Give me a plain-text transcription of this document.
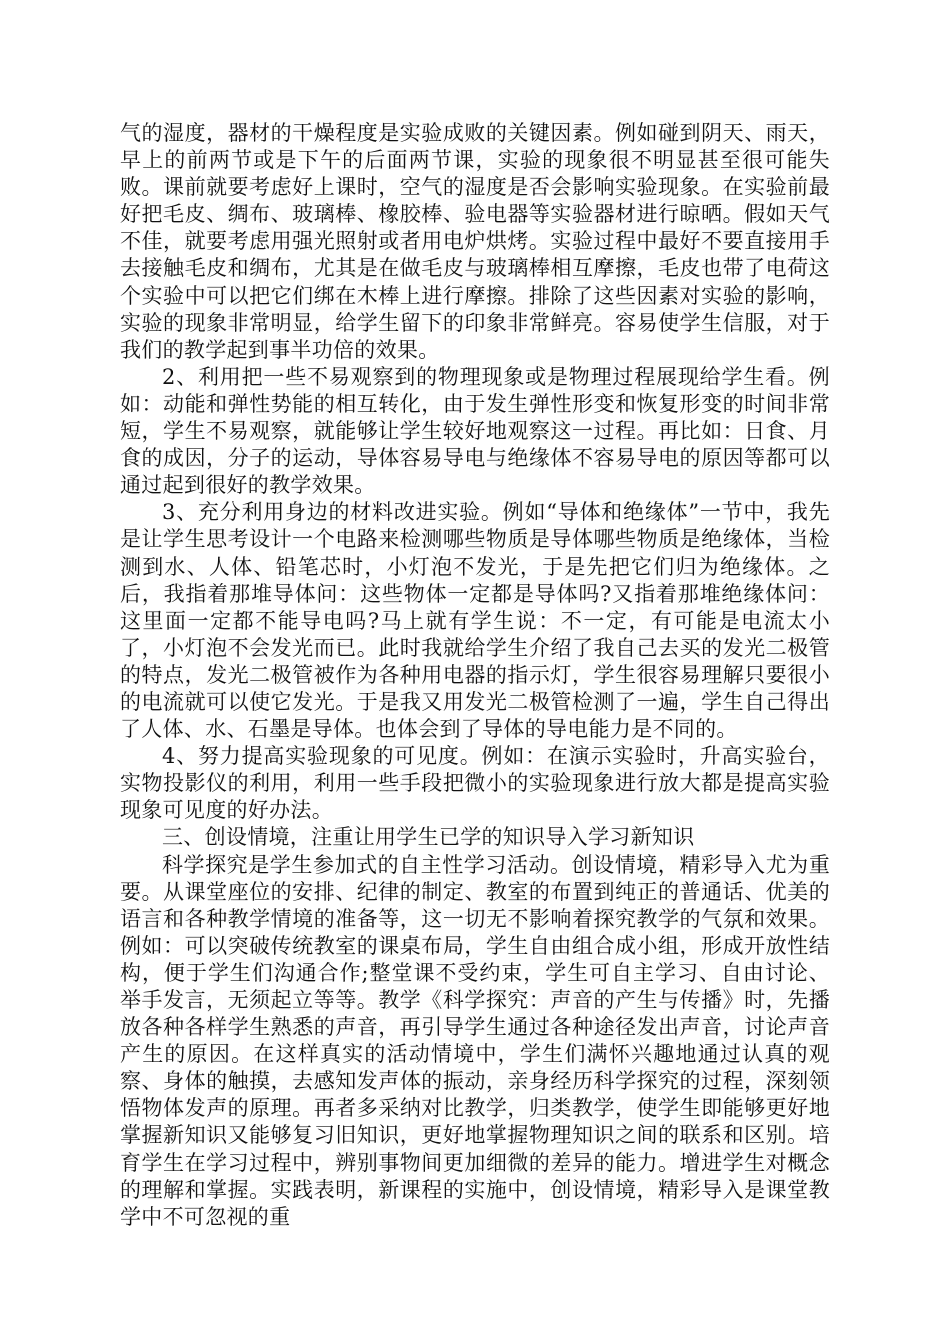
气的湿度，器材的干燥程度是实验成败的关键因素。例如碰到阴天、雨天，早上的前两节或是下午的后面两节课，实验的现象很不明显甚至很可能失败。课前就要考虑好上课时，空气的湿度是否会影响实验现象。在实验前最好把毛皮、绸布、玻璃棒、橡胶棒、验电器等实验器材进行晾晒。假如天气不佳，就要考虑用强光照射或者用电炉烘烤。实验过程中最好不要直接用手去接触毛皮和绸布，尤其是在做毛皮与玻璃棒相互摩擦，毛皮也带了电荷这个实验中可以把它们绑在木棒上进行摩擦。排除了这些因素对实验的影响，实验的现象非常明显，给学生留下的印象非常鲜亮。容易使学生信服，对于我们的教学起到事半功倍的效果。

2、利用把一些不易观察到的物理现象或是物理过程展现给学生看。例如：动能和弹性势能的相互转化，由于发生弹性形变和恢复形变的时间非常短，学生不易观察，就能够让学生较好地观察这一过程。再比如：日食、月食的成因，分子的运动，导体容易导电与绝缘体不容易导电的原因等都可以通过起到很好的教学效果。

3、充分利用身边的材料改进实验。例如“导体和绝缘体”一节中，我先是让学生思考设计一个电路来检测哪些物质是导体哪些物质是绝缘体，当检测到水、人体、铅笔芯时，小灯泡不发光，于是先把它们归为绝缘体。之后，我指着那堆导体问：这些物体一定都是导体吗?又指着那堆绝缘体问：这里面一定都不能导电吗?马上就有学生说：不一定，有可能是电流太小了，小灯泡不会发光而已。此时我就给学生介绍了我自己去买的发光二极管的特点，发光二极管被作为各种用电器的指示灯，学生很容易理解只要很小的电流就可以使它发光。于是我又用发光二极管检测了一遍，学生自己得出了人体、水、石墨是导体。也体会到了导体的导电能力是不同的。

4、努力提高实验现象的可见度。例如：在演示实验时，升高实验台，实物投影仪的利用，利用一些手段把微小的实验现象进行放大都是提高实验现象可见度的好办法。

三、创设情境，注重让用学生已学的知识导入学习新知识

科学探究是学生参加式的自主性学习活动。创设情境，精彩导入尤为重要。从课堂座位的安排、纪律的制定、教室的布置到纯正的普通话、优美的语言和各种教学情境的准备等，这一切无不影响着探究教学的气氛和效果。例如：可以突破传统教室的课桌布局，学生自由组合成小组，形成开放性结构，便于学生们沟通合作;整堂课不受约束，学生可自主学习、自由讨论、举手发言，无须起立等等。教学《科学探究：声音的产生与传播》时，先播放各种各样学生熟悉的声音，再引导学生通过各种途径发出声音，讨论声音产生的原因。在这样真实的活动情境中，学生们满怀兴趣地通过认真的观察、身体的触摸，去感知发声体的振动，亲身经历科学探究的过程，深刻领悟物体发声的原理。再者多采纳对比教学，归类教学，使学生即能够更好地掌握新知识又能够复习旧知识，更好地掌握物理知识之间的联系和区别。培育学生在学习过程中，辨别事物间更加细微的差异的能力。增进学生对概念的理解和掌握。实践表明，新课程的实施中，创设情境，精彩导入是课堂教学中不可忽视的重
